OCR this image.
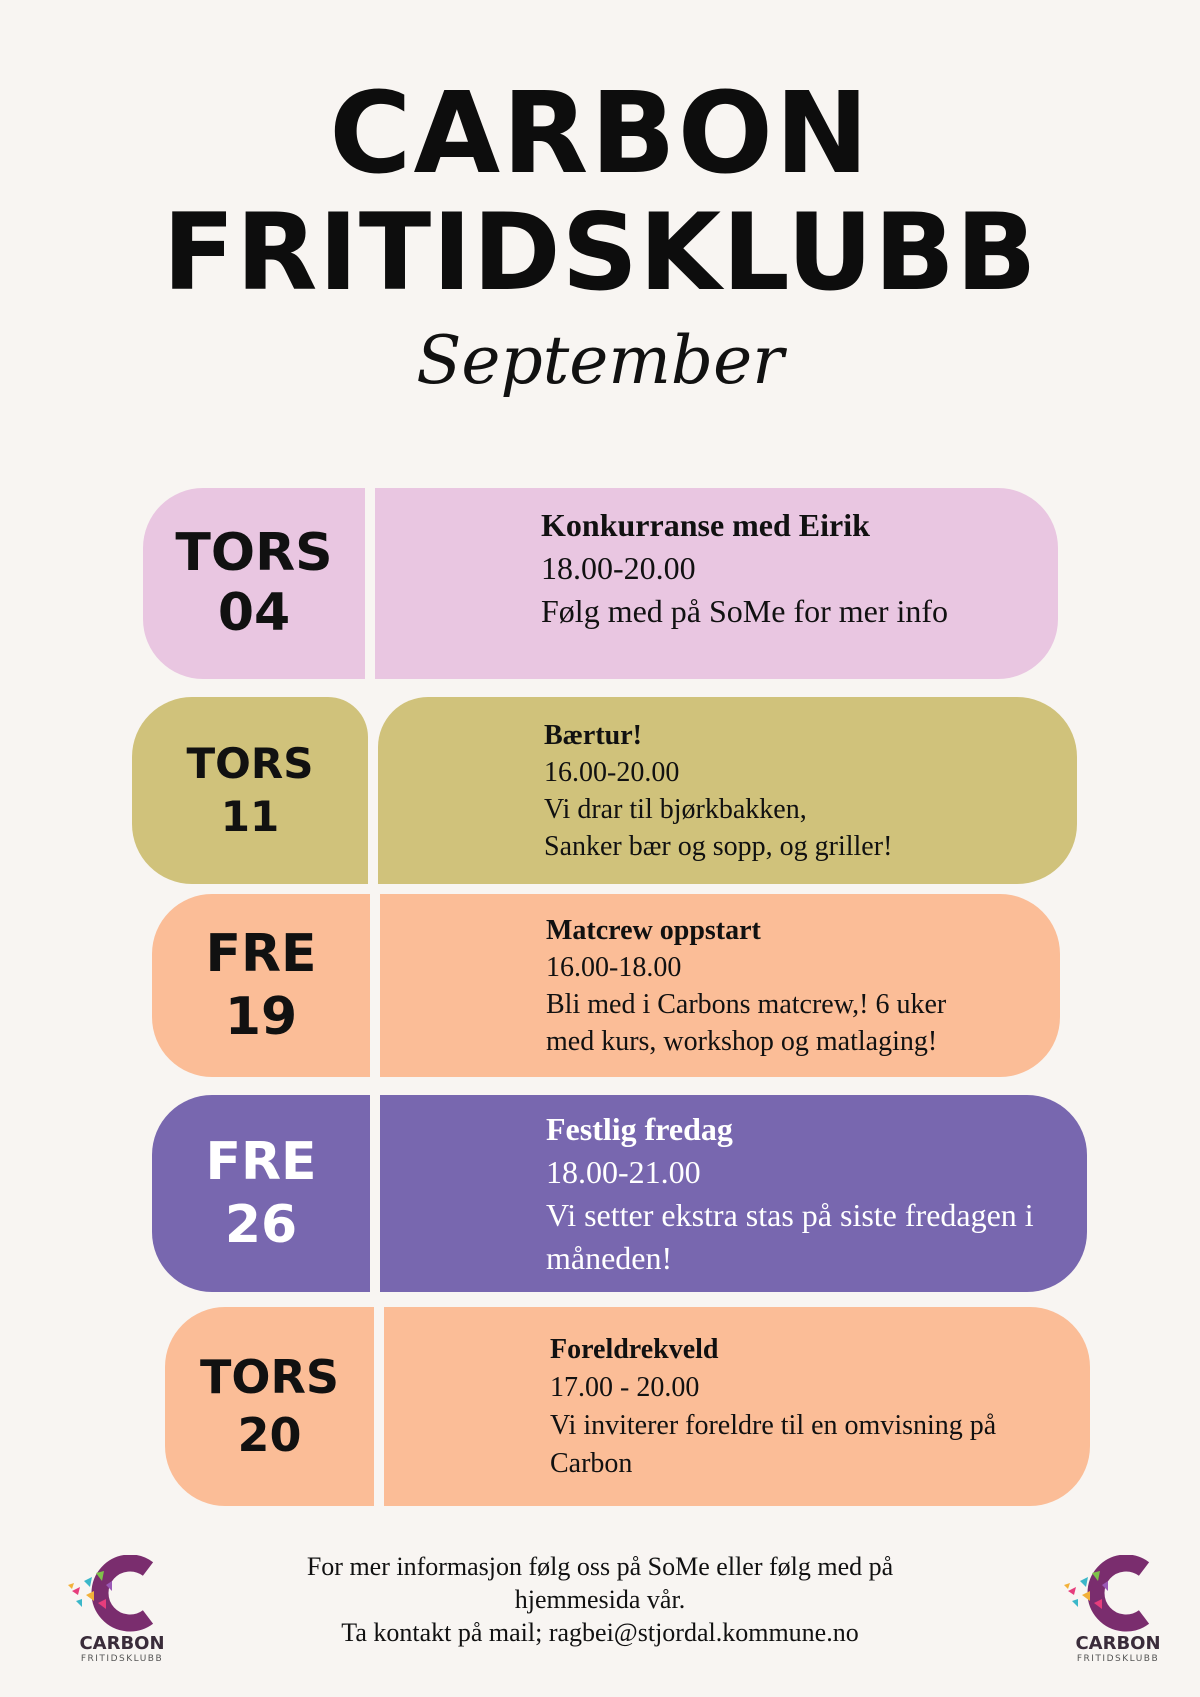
CARBON
FRITIDSKLUBB
September
TORS
04
Konkurranse med Eirik
18.00-20.00
Følg med på SoMe for mer info
TORS
11
Bærtur!
16.00-20.00
Vi drar til bjørkbakken,
Sanker bær og sopp, og griller!
FRE
19
Matcrew oppstart
16.00-18.00
Bli med i Carbons matcrew,! 6 uker
med kurs, workshop og matlaging!
FRE
26
Festlig fredag
18.00-21.00
Vi setter ekstra stas på siste fredagen i
måneden!
TORS
20
Foreldrekveld
17.00 - 20.00
Vi inviterer foreldre til en omvisning på
Carbon
For mer informasjon følg oss på SoMe eller følg med på
hjemmesida vår.
Ta kontakt på mail; ragbei@stjordal.kommune.no
CARBON
FRITIDSKLUBB
CARBON
FRITIDSKLUBB
